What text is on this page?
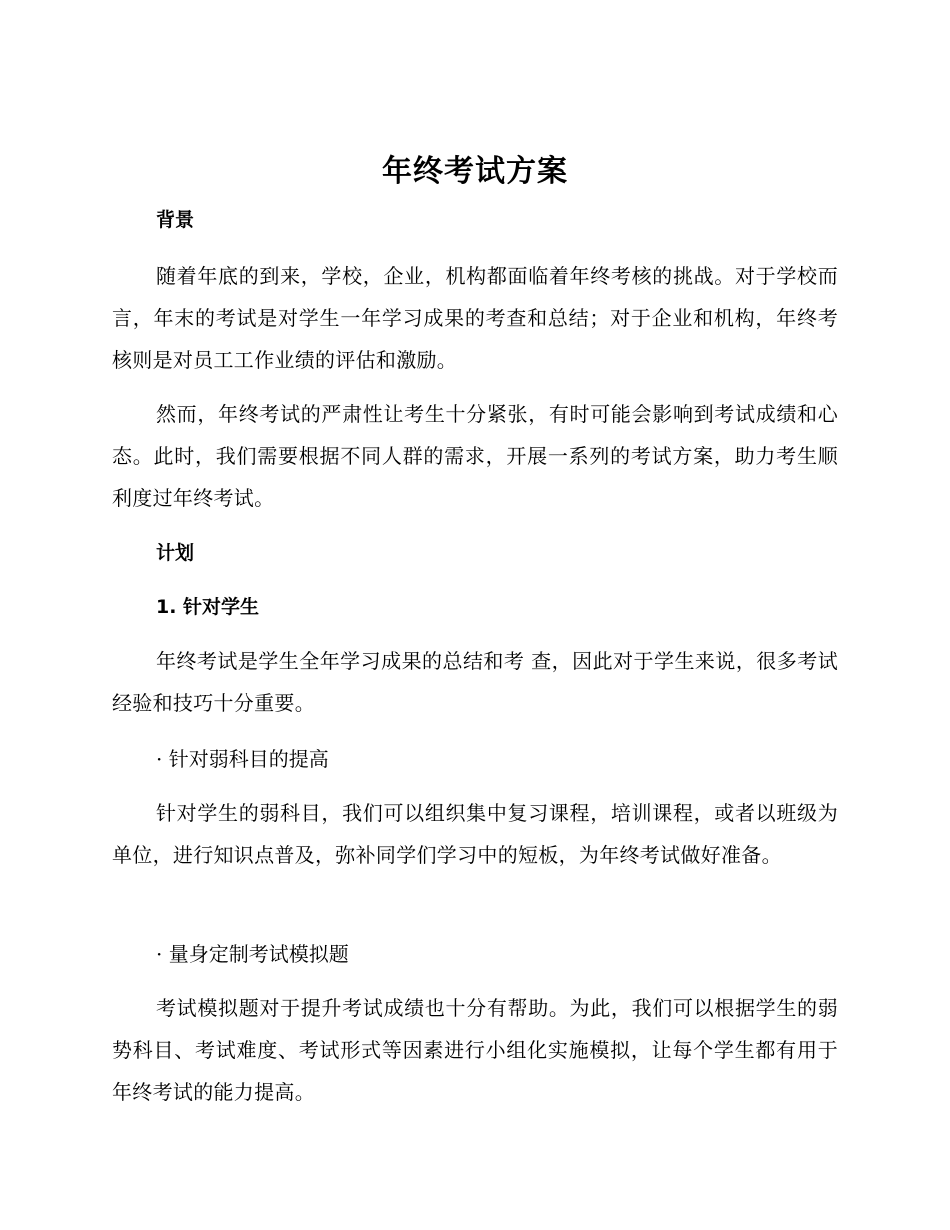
年终考试方案
背景

随着年底的到来，学校，企业，机构都面临着年终考核的挑战。对于学校而言，年末的考试是对学生一年学习成果的考查和总结；对于企业和机构，年终考核则是对员工工作业绩的评估和激励。

然而，年终考试的严肃性让考生十分紧张，有时可能会影响到考试成绩和心态。此时，我们需要根据不同人群的需求，开展一系列的考试方案，助力考生顺利度过年终考试。

计划
1. 针对学生

年终考试是学生全年学习成果的总结和考 查，因此对于学生来说，很多考试经验和技巧十分重要。

· 针对弱科目的提高

针对学生的弱科目，我们可以组织集中复习课程，培训课程，或者以班级为单位，进行知识点普及，弥补同学们学习中的短板，为年终考试做好准备。

· 量身定制考试模拟题

考试模拟题对于提升考试成绩也十分有帮助。为此，我们可以根据学生的弱势科目、考试难度、考试形式等因素进行小组化实施模拟，让每个学生都有用于年终考试的能力提高。
